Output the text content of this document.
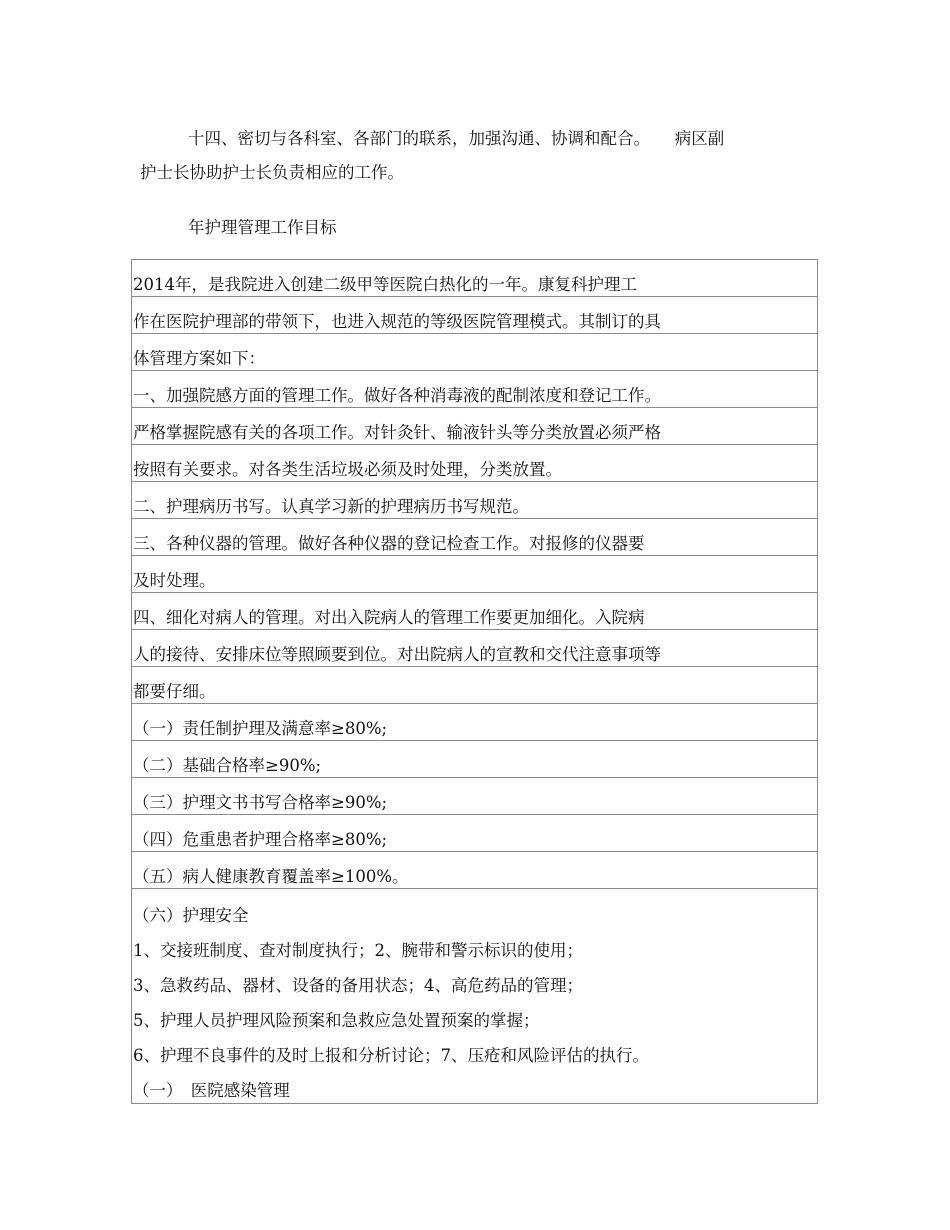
十四、密切与各科室、各部门的联系，加强沟通、协调和配合。　　病区副
护士长协助护士长负责相应的工作。
年护理管理工作目标
2014年，是我院进入创建二级甲等医院白热化的一年。康复科护理工
作在医院护理部的带领下，也进入规范的等级医院管理模式。其制订的具
体管理方案如下：
一、加强院感方面的管理工作。做好各种消毒液的配制浓度和登记工作。
严格掌握院感有关的各项工作。对针灸针、输液针头等分类放置必须严格
按照有关要求。对各类生活垃圾必须及时处理，分类放置。
二、护理病历书写。认真学习新的护理病历书写规范。
三、各种仪器的管理。做好各种仪器的登记检查工作。对报修的仪器要
及时处理。
四、细化对病人的管理。对出入院病人的管理工作要更加细化。入院病
人的接待、安排床位等照顾要到位。对出院病人的宣教和交代注意事项等
都要仔细。
（一）责任制护理及满意率≥80%;
（二）基础合格率≥90%;
（三）护理文书书写合格率≥90%;
（四）危重患者护理合格率≥80%;
（五）病人健康教育覆盖率≥100%。
（六）护理安全
1、交接班制度、查对制度执行；2、腕带和警示标识的使用；
3、急救药品、器材、设备的备用状态；4、高危药品的管理；
5、护理人员护理风险预案和急救应急处置预案的掌握；
6、护理不良事件的及时上报和分析讨论；7、压疮和风险评估的执行。
（一）　医院感染管理
